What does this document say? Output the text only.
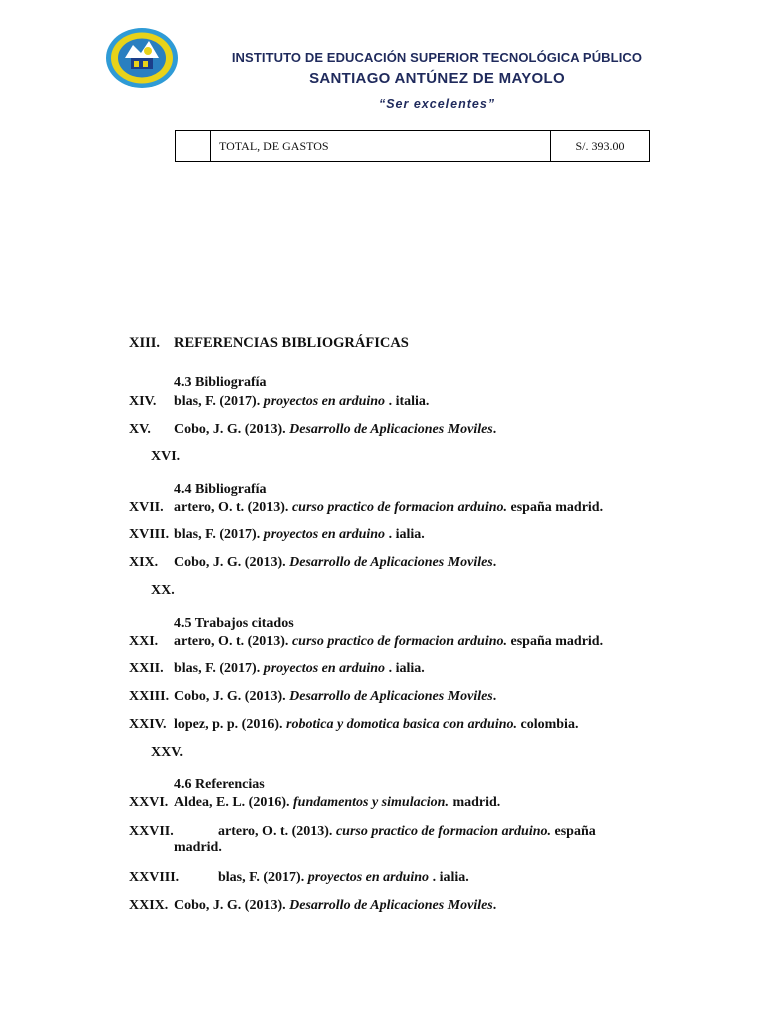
INSTITUTO DE EDUCACIÓN SUPERIOR TECNOLÓGICA PÚBLICO
SANTIAGO ANTÚNEZ DE MAYOLO
“Ser excelentes”
	TOTAL, DE GASTOS	S/. 393.00
XIII. REFERENCIAS BIBLIOGRÁFICAS
4.3 Bibliografía
XIV. blas, F. (2017). proyectos en arduino . italia.
XV. Cobo, J. G. (2013). Desarrollo de Aplicaciones Moviles.
XVI.
4.4 Bibliografía
XVII. artero, O. t. (2013). curso practico de formacion arduino. españa madrid.
XVIII. blas, F. (2017). proyectos en arduino . ialia.
XIX. Cobo, J. G. (2013). Desarrollo de Aplicaciones Moviles.
XX.
4.5 Trabajos citados
XXI. artero, O. t. (2013). curso practico de formacion arduino. españa madrid.
XXII. blas, F. (2017). proyectos en arduino . ialia.
XXIII. Cobo, J. G. (2013). Desarrollo de Aplicaciones Moviles.
XXIV. lopez, p. p. (2016). robotica y domotica basica con arduino. colombia.
XXV.
4.6 Referencias
XXVI. Aldea, E. L. (2016). fundamentos y simulacion. madrid.
XXVII.	artero, O. t. (2013). curso practico de formacion arduino. españa
madrid.
XXVIII.	blas, F. (2017). proyectos en arduino . ialia.
XXIX. Cobo, J. G. (2013). Desarrollo de Aplicaciones Moviles.
